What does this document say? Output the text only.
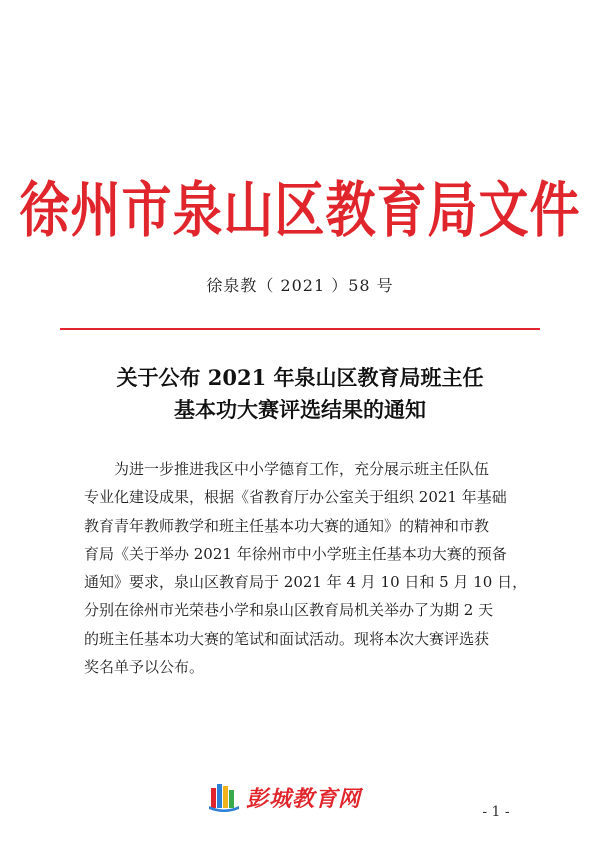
徐州市泉山区教育局文件
徐泉教（ 2021 ）58 号
关于公布 2021 年泉山区教育局班主任
基本功大赛评选结果的通知
为进一步推进我区中小学德育工作，充分展示班主任队伍
专业化建设成果，根据《省教育厅办公室关于组织 2021 年基础
教育青年教师教学和班主任基本功大赛的通知》的精神和市教
育局《关于举办 2021 年徐州市中小学班主任基本功大赛的预备
通知》要求，泉山区教育局于 2021 年 4 月 10 日和 5 月 10 日，
分别在徐州市光荣巷小学和泉山区教育局机关举办了为期 2 天
的班主任基本功大赛的笔试和面试活动。现将本次大赛评选获
奖名单予以公布。
彭城教育网
- 1 -
